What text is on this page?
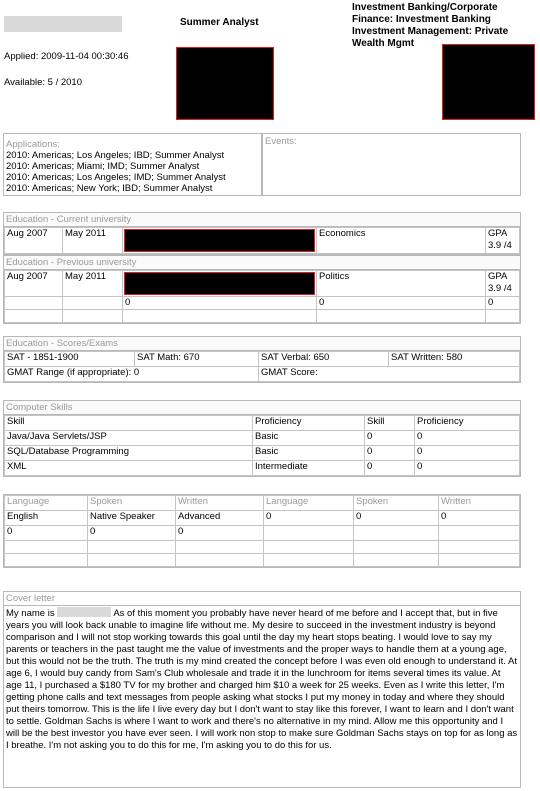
Summer Analyst
Investment Banking/Corporate
Finance: Investment Banking
Investment Management: Private
Wealth Mgmt
Applied: 2009-11-04 00:30:46
Available: 5 / 2010
Applications:
2010: Americas; Los Angeles; IBD; Summer Analyst
2010: Americas; Miami; IMD; Summer Analyst
2010: Americas; Los Angeles; IMD; Summer Analyst
2010: Americas; New York; IBD; Summer Analyst
Events:
Education - Current university
Aug 2007	May 2011		Economics	GPA
3.9 /4
Education - Previous university
Aug 2007	May 2011		Politics	GPA
3.9 /4

		0	0	0

Education - Scores/Exams
SAT - 1851-1900	SAT Math: 670	SAT Verbal: 650	SAT Written: 580
GMAT Range (if appropriate): 0		GMAT Score:	
Computer Skills
Skill	Proficiency	Skill	Proficiency
Java/Java Servlets/JSP	Basic	0	0
SQL/Database Programming	Basic	0	0
XML	Intermediate	0	0
Language	Spoken	Written	Language	Spoken	Written
English	Native Speaker	Advanced	0	0	0
0	0	0			

Cover letter
My name is	As of this moment you probably have never heard of me before and I accept that, but in five years you will look back unable to imagine life without me. My desire to succeed in the investment industry is beyond comparison and I will not stop working towards this goal until the day my heart stops beating. I would love to say my parents or teachers in the past taught me the value of investments and the proper ways to handle them at a young age, but this would not be the truth. The truth is my mind created the concept before I was even old enough to understand it. At age 6, I would buy candy from Sam's Club wholesale and trade it in the lunchroom for items several times its value. At age 11, I purchased a $180 TV for my brother and charged him $10 a week for 25 weeks. Even as I write this letter, I'm getting phone calls and text messages from people asking what stocks I put my money in today and where they should put theirs tomorrow. This is the life I live every day but I don't want to stay like this forever, I want to learn and I don't want to settle. Goldman Sachs is where I want to work and there's no alternative in my mind. Allow me this opportunity and I will be the best investor you have ever seen. I will work non stop to make sure Goldman Sachs stays on top for as long as I breathe. I'm not asking you to do this for me, I'm asking you to do this for us.
